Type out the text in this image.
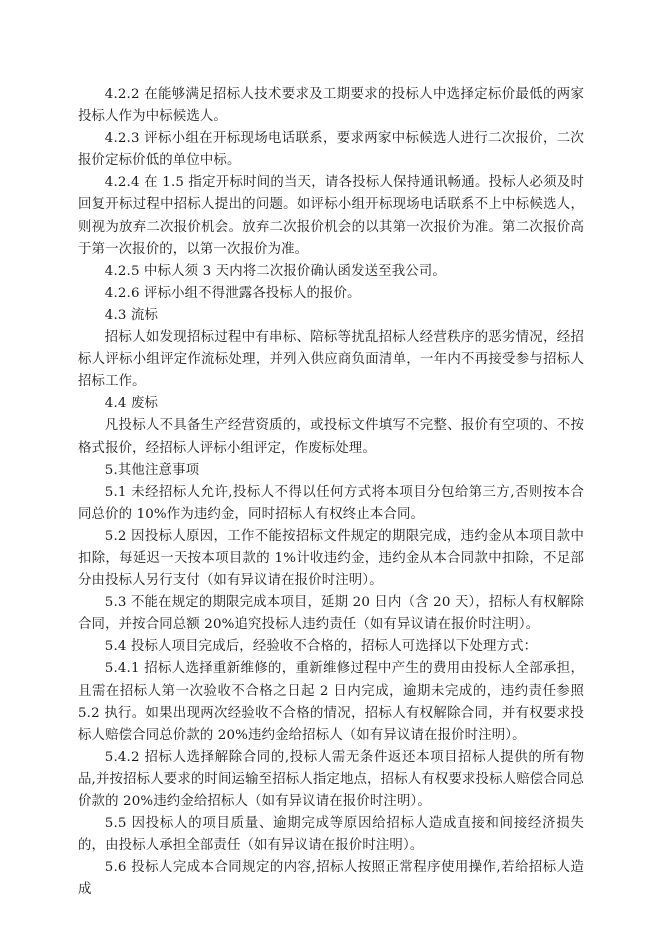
4.2.2 在能够满足招标人技术要求及工期要求的投标人中选择定标价最低的两家投标人作为中标候选人。

4.2.3 评标小组在开标现场电话联系，要求两家中标候选人进行二次报价，二次报价定标价低的单位中标。

4.2.4 在 1.5 指定开标时间的当天，请各投标人保持通讯畅通。投标人必须及时回复开标过程中招标人提出的问题。如评标小组开标现场电话联系不上中标候选人，则视为放弃二次报价机会。放弃二次报价机会的以其第一次报价为准。第二次报价高于第一次报价的，以第一次报价为准。

4.2.5 中标人须 3 天内将二次报价确认函发送至我公司。

4.2.6 评标小组不得泄露各投标人的报价。

4.3 流标

招标人如发现招标过程中有串标、陪标等扰乱招标人经营秩序的恶劣情况，经招标人评标小组评定作流标处理，并列入供应商负面清单，一年内不再接受参与招标人招标工作。

4.4 废标

凡投标人不具备生产经营资质的，或投标文件填写不完整、报价有空项的、不按格式报价，经招标人评标小组评定，作废标处理。

5.其他注意事项

5.1 未经招标人允许,投标人不得以任何方式将本项目分包给第三方,否则按本合同总价的 10%作为违约金，同时招标人有权终止本合同。

5.2 因投标人原因，工作不能按招标文件规定的期限完成，违约金从本项目款中扣除，每延迟一天按本项目款的 1%计收违约金，违约金从本合同款中扣除，不足部分由投标人另行支付（如有异议请在报价时注明）。

5.3 不能在规定的期限完成本项目，延期 20 日内（含 20 天），招标人有权解除合同，并按合同总额 20%追究投标人违约责任（如有异议请在报价时注明）。

5.4 投标人项目完成后，经验收不合格的，招标人可选择以下处理方式：

5.4.1 招标人选择重新维修的，重新维修过程中产生的费用由投标人全部承担，且需在招标人第一次验收不合格之日起 2 日内完成，逾期未完成的，违约责任参照 5.2 执行。如果出现两次经验收不合格的情况，招标人有权解除合同，并有权要求投标人赔偿合同总价款的 20%违约金给招标人（如有异议请在报价时注明）。

5.4.2 招标人选择解除合同的,投标人需无条件返还本项目招标人提供的所有物品,并按招标人要求的时间运输至招标人指定地点，招标人有权要求投标人赔偿合同总价款的 20%违约金给招标人（如有异议请在报价时注明）。

5.5 因投标人的项目质量、逾期完成等原因给招标人造成直接和间接经济损失的，由投标人承担全部责任（如有异议请在报价时注明）。

5.6 投标人完成本合同规定的内容,招标人按照正常程序使用操作,若给招标人造成
